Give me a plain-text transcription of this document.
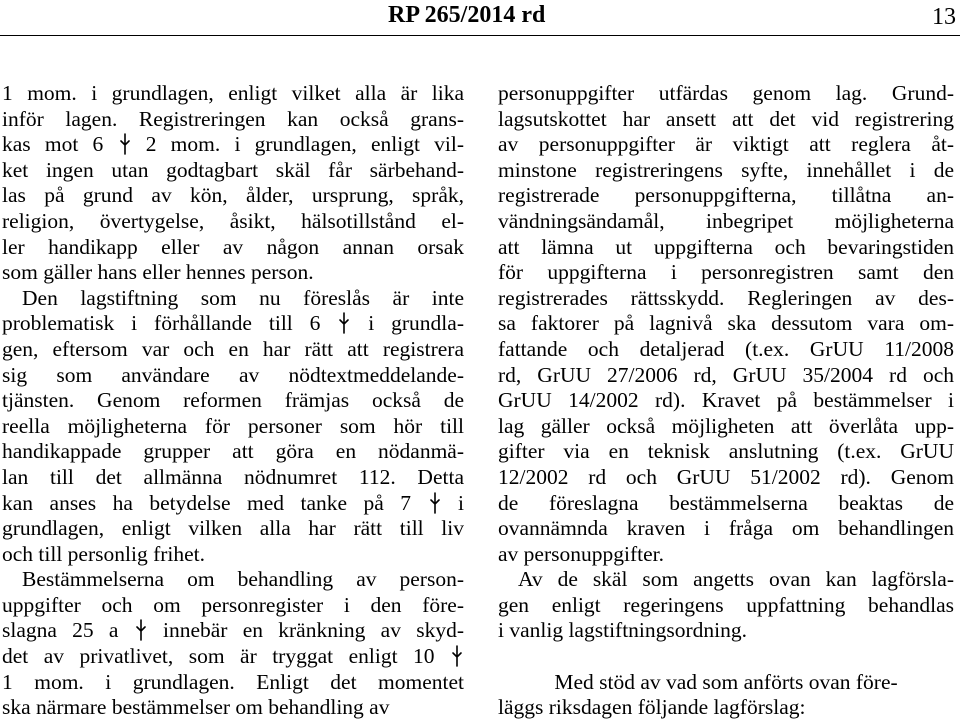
RP 265/2014 rd	13
1 mom. i grundlagen, enligt vilket alla är lika
inför lagen. Registreringen kan också grans-
kas mot 6
2 mom. i grundlagen, enligt vil-
ket ingen utan godtagbart skäl får särbehand-
las på grund av kön, ålder, ursprung, språk,
religion, övertygelse, åsikt, hälsotillstånd el-
ler handikapp eller av någon annan orsak
som gäller hans eller hennes person.
Den lagstiftning som nu föreslås är inte
problematisk i förhållande till 6
i grundla-
gen, eftersom var och en har rätt att registrera
sig som användare av nödtextmeddelande-
tjänsten. Genom reformen främjas också de
reella möjligheterna för personer som hör till
handikappade grupper att göra en nödanmä-
lan till det allmänna nödnumret 112. Detta
kan anses ha betydelse med tanke på 7
i
grundlagen, enligt vilken alla har rätt till liv
och till personlig frihet.
Bestämmelserna om behandling av person-
uppgifter och om personregister i den före-
slagna 25 a
innebär en kränkning av skyd-
det av privatlivet, som är tryggat enligt 10
1 mom. i grundlagen. Enligt det momentet
ska närmare bestämmelser om behandling av
personuppgifter utfärdas genom lag. Grund-
lagsutskottet har ansett att det vid registrering
av personuppgifter är viktigt att reglera åt-
minstone registreringens syfte, innehållet i de
registrerade personuppgifterna, tillåtna an-
vändningsändamål, inbegripet möjligheterna
att lämna ut uppgifterna och bevaringstiden
för uppgifterna i personregistren samt den
registrerades rättsskydd. Regleringen av des-
sa faktorer på lagnivå ska dessutom vara om-
fattande och detaljerad (t.ex. GrUU 11/2008
rd, GrUU 27/2006 rd, GrUU 35/2004 rd och
GrUU 14/2002 rd). Kravet på bestämmelser i
lag gäller också möjligheten att överlåta upp-
gifter via en teknisk anslutning (t.ex. GrUU
12/2002 rd och GrUU 51/2002 rd). Genom
de föreslagna bestämmelserna beaktas de
ovannämnda kraven i fråga om behandlingen
av personuppgifter.
Av de skäl som angetts ovan kan lagförsla-
gen enligt regeringens uppfattning behandlas
i vanlig lagstiftningsordning.
Med stöd av vad som anförts ovan före-
läggs riksdagen följande lagförslag:
